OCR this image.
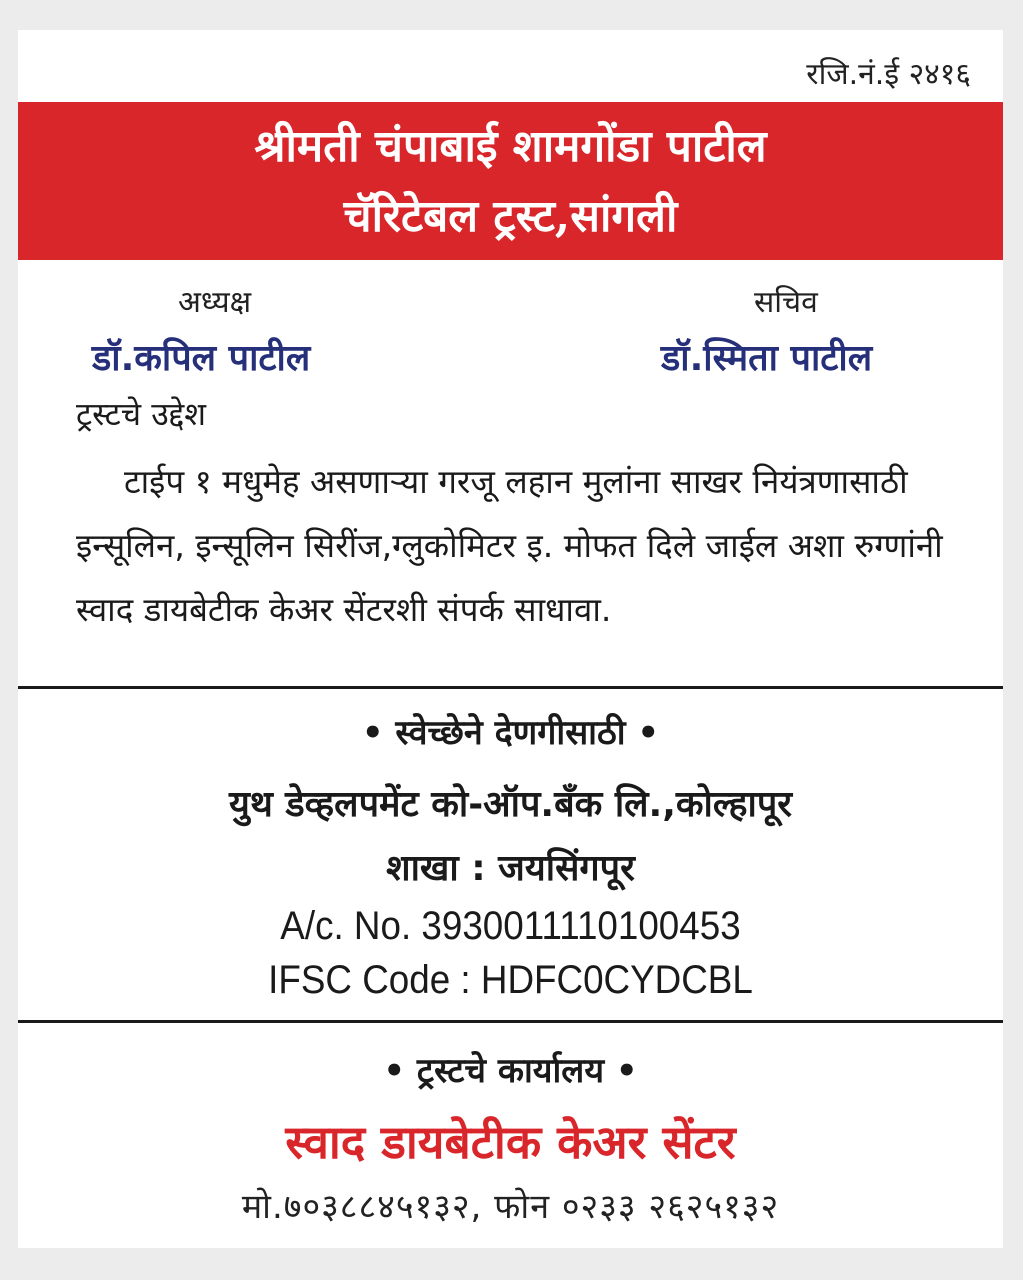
रजि.नं.ई २४१६
श्रीमती चंपाबाई शामगोंडा पाटील
चॅरिटेबल ट्रस्ट,सांगली
अध्यक्ष
डॉ.कपिल पाटील
सचिव
डॉ.स्मिता पाटील
ट्रस्टचे उद्देश
टाईप १ मधुमेह असणाऱ्या गरजू लहान मुलांना साखर नियंत्रणासाठी इन्सूलिन, इन्सूलिन सिरींज,ग्लुकोमिटर इ. मोफत दिले जाईल अशा रुग्णांनी स्वाद डायबेटीक केअर सेंटरशी संपर्क साधावा.
• स्वेच्छेने देणगीसाठी •
युथ डेव्हलपमेंट को-ऑप.बँक लि.,कोल्हापूर
शाखा : जयसिंगपूर
A/c. No. 3930011110100453
IFSC Code : HDFC0CYDCBL
• ट्रस्टचे कार्यालय •
स्वाद डायबेटीक केअर सेंटर
मो.७०३८८४५१३२, फोन ०२३३ २६२५१३२
